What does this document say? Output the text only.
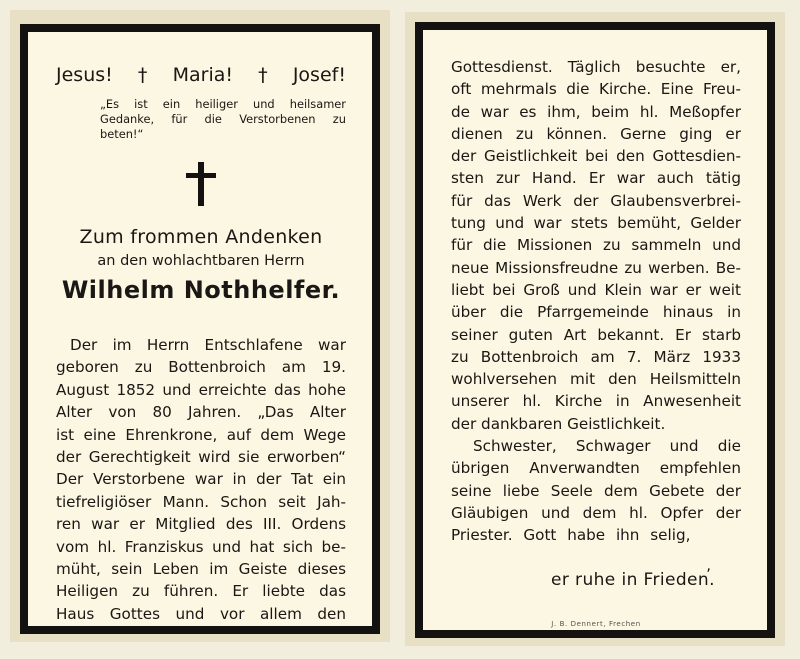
Jesus! † Maria! † Josef!
„Es ist ein heiliger und heilsamer
Gedanke, für die Verstorbenen zu
beten!“
Zum frommen Andenken
an den wohlachtbaren Herrn
Wilhelm Nothhelfer.
Der im Herrn Entschlafene war
geboren zu Bottenbroich am 19.
August 1852 und erreichte das hohe
Alter von 80 Jahren. „Das Alter
ist eine Ehrenkrone, auf dem Wege
der Gerechtigkeit wird sie erworben“
Der Verstorbene war in der Tat ein
tiefreligiöser Mann. Schon seit Jah-
ren war er Mitglied des III. Ordens
vom hl. Franziskus und hat sich be-
müht, sein Leben im Geiste dieses
Heiligen zu führen. Er liebte das
Haus Gottes und vor allem den
Gottesdienst. Täglich besuchte er,
oft mehrmals die Kirche. Eine Freu-
de war es ihm, beim hl. Meßopfer
dienen zu können. Gerne ging er
der Geistlichkeit bei den Gottesdien-
sten zur Hand. Er war auch tätig
für das Werk der Glaubensverbrei-
tung und war stets bemüht, Gelder
für die Missionen zu sammeln und
neue Missionsfreudne zu werben. Be-
liebt bei Groß und Klein war er weit
über die Pfarrgemeinde hinaus in
seiner guten Art bekannt. Er starb
zu Bottenbroich am 7. März 1933
wohlversehen mit den Heilsmitteln
unserer hl. Kirche in Anwesenheit
der dankbaren Geistlichkeit.
Schwester, Schwager und die
übrigen Anverwandten empfehlen
seine liebe Seele dem Gebete der
Gläubigen und dem hl. Opfer der
Priester. Gott habe ihn selig,
,
er ruhe in Frieden.
J. B. Dennert, Frechen
